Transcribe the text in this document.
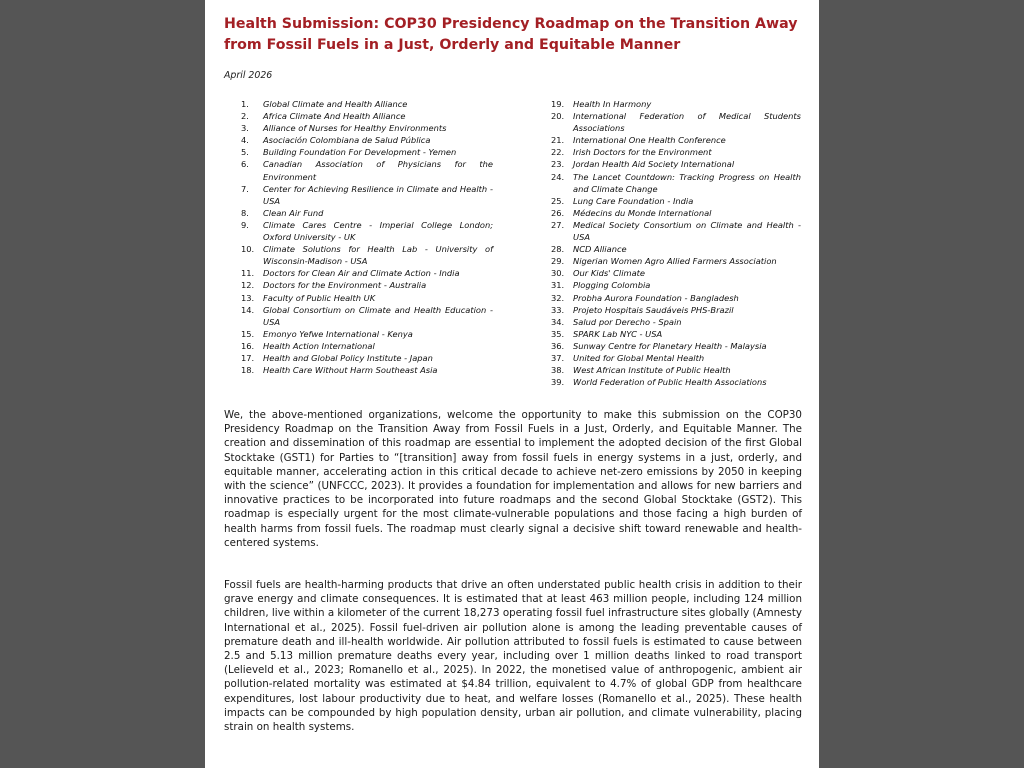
Health Submission: COP30 Presidency Roadmap on the Transition Away from Fossil Fuels in a Just, Orderly and Equitable Manner
April 2026
1.	Global Climate and Health Alliance
2.	Africa Climate And Health Alliance
3.	Alliance of Nurses for Healthy Environments
4.	Asociación Colombiana de Salud Pública
5.	Building Foundation For Development - Yemen
6.	Canadian Association of Physicians for the Environment
7.	Center for Achieving Resilience in Climate and Health - USA
8.	Clean Air Fund
9.	Climate Cares Centre - Imperial College London; Oxford University - UK
10.	Climate Solutions for Health Lab - University of Wisconsin-Madison - USA
11.	Doctors for Clean Air and Climate Action - India
12.	Doctors for the Environment - Australia
13.	Faculty of Public Health UK
14.	Global Consortium on Climate and Health Education - USA
15.	Emonyo Yefwe International - Kenya
16.	Health Action International
17.	Health and Global Policy Institute - Japan
18.	Health Care Without Harm Southeast Asia
19.	Health In Harmony
20.	International Federation of Medical Students Associations
21.	International One Health Conference
22.	Irish Doctors for the Environment
23.	Jordan Health Aid Society International
24.	The Lancet Countdown: Tracking Progress on Health and Climate Change
25.	Lung Care Foundation - India
26.	Médecins du Monde International
27.	Medical Society Consortium on Climate and Health - USA
28.	NCD Alliance
29.	Nigerian Women Agro Allied Farmers Association
30.	Our Kids' Climate
31.	Plogging Colombia
32.	Probha Aurora Foundation - Bangladesh
33.	Projeto Hospitais Saudáveis PHS-Brazil
34.	Salud por Derecho - Spain
35.	SPARK Lab NYC - USA
36.	Sunway Centre for Planetary Health - Malaysia
37.	United for Global Mental Health
38.	West African Institute of Public Health
39.	World Federation of Public Health Associations

We, the above-mentioned organizations, welcome the opportunity to make this submission on the COP30 Presidency Roadmap on the Transition Away from Fossil Fuels in a Just, Orderly, and Equitable Manner. The creation and dissemination of this roadmap are essential to implement the adopted decision of the first Global Stocktake (GST1) for Parties to “[transition] away from fossil fuels in energy systems in a just, orderly, and equitable manner, accelerating action in this critical decade to achieve net-zero emissions by 2050 in keeping with the science” (UNFCCC, 2023). It provides a foundation for implementation and allows for new barriers and innovative practices to be incorporated into future roadmaps and the second Global Stocktake (GST2). This roadmap is especially urgent for the most climate-vulnerable populations and those facing a high burden of health harms from fossil fuels. The roadmap must clearly signal a decisive shift toward renewable and health-centered systems.

Fossil fuels are health-harming products that drive an often understated public health crisis in addition to their grave energy and climate consequences. It is estimated that at least 463 million people, including 124 million children, live within a kilometer of the current 18,273 operating fossil fuel infrastructure sites globally (Amnesty International et al., 2025). Fossil fuel-driven air pollution alone is among the leading preventable causes of premature death and ill-health worldwide. Air pollution attributed to fossil fuels is estimated to cause between 2.5 and 5.13 million premature deaths every year, including over 1 million deaths linked to road transport (Lelieveld et al., 2023; Romanello et al., 2025). In 2022, the monetised value of anthropogenic, ambient air pollution-related mortality was estimated at $4.84 trillion, equivalent to 4.7% of global GDP from healthcare expenditures, lost labour productivity due to heat, and welfare losses (Romanello et al., 2025). These health impacts can be compounded by high population density, urban air pollution, and climate vulnerability, placing strain on health systems.
